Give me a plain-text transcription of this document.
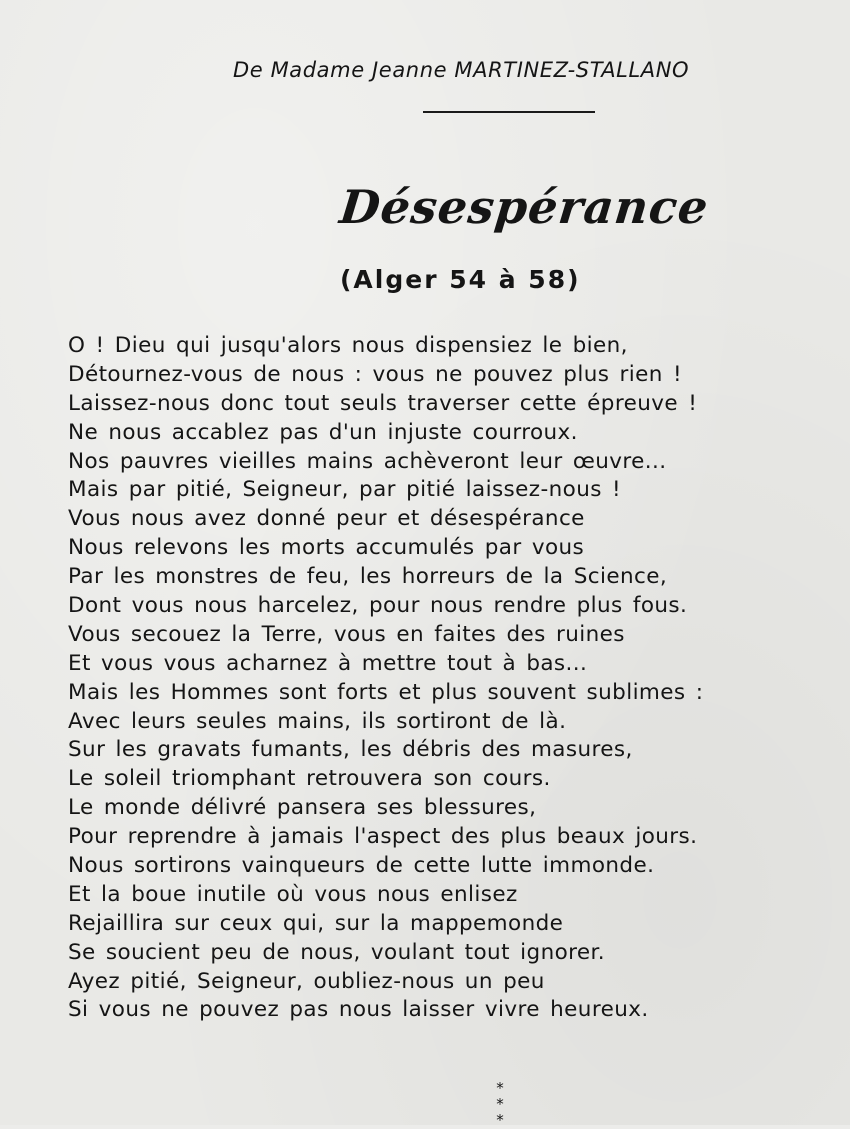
De Madame Jeanne MARTINEZ-STALLANO
Désespérance
(Alger 54 à 58)
O ! Dieu qui jusqu'alors nous dispensiez le bien,
Détournez-vous de nous : vous ne pouvez plus rien !
Laissez-nous donc tout seuls traverser cette épreuve !
Ne nous accablez pas d'un injuste courroux.
Nos pauvres vieilles mains achèveront leur œuvre...
Mais par pitié, Seigneur, par pitié laissez-nous !
Vous nous avez donné peur et désespérance
Nous relevons les morts accumulés par vous
Par les monstres de feu, les horreurs de la Science,
Dont vous nous harcelez, pour nous rendre plus fous.
Vous secouez la Terre, vous en faites des ruines
Et vous vous acharnez à mettre tout à bas...
Mais les Hommes sont forts et plus souvent sublimes :
Avec leurs seules mains, ils sortiront de là.
Sur les gravats fumants, les débris des masures,
Le soleil triomphant retrouvera son cours.
Le monde délivré pansera ses blessures,
Pour reprendre à jamais l'aspect des plus beaux jours.
Nous sortirons vainqueurs de cette lutte immonde.
Et la boue inutile où vous nous enlisez
Rejaillira sur ceux qui, sur la mappemonde
Se soucient peu de nous, voulant tout ignorer.
Ayez pitié, Seigneur, oubliez-nous un peu
Si vous ne pouvez pas nous laisser vivre heureux.
*
* *
